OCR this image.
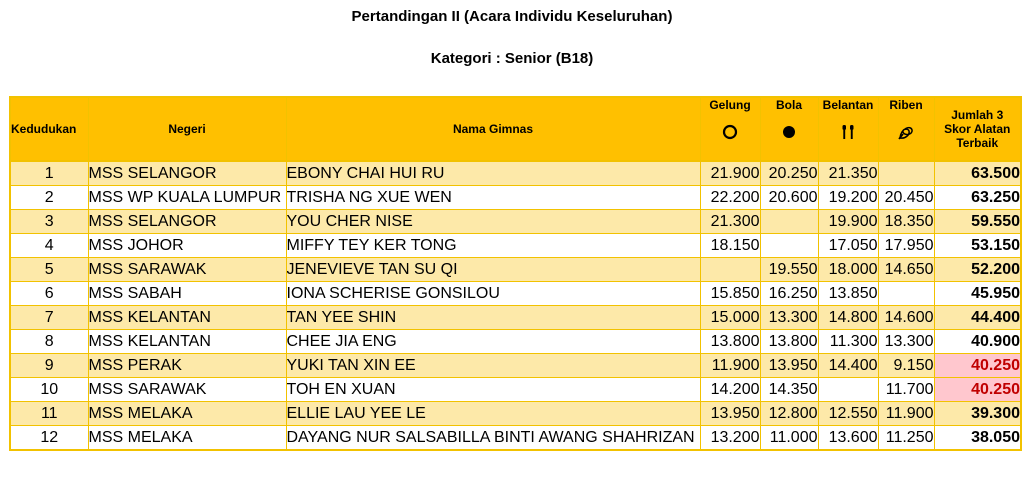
Pertandingan II (Acara Individu Keseluruhan)
Kategori : Senior (B18)
Kedudukan	Negeri	Nama Gimnas	Gelung	Bola	Belantan	Riben	Jumlah 3
Skor Alatan
Terbaik

1	MSS SELANGOR	EBONY CHAI HUI RU	21.900	20.250	21.350		63.500
2	MSS WP KUALA LUMPUR	TRISHA NG XUE WEN	22.200	20.600	19.200	20.450	63.250
3	MSS SELANGOR	YOU CHER NISE	21.300		19.900	18.350	59.550
4	MSS JOHOR	MIFFY TEY KER TONG	18.150		17.050	17.950	53.150
5	MSS SARAWAK	JENEVIEVE TAN SU QI		19.550	18.000	14.650	52.200
6	MSS SABAH	IONA SCHERISE GONSILOU	15.850	16.250	13.850		45.950
7	MSS KELANTAN	TAN YEE SHIN	15.000	13.300	14.800	14.600	44.400
8	MSS KELANTAN	CHEE JIA ENG	13.800	13.800	11.300	13.300	40.900
9	MSS PERAK	YUKI TAN XIN EE	11.900	13.950	14.400	9.150	40.250
10	MSS SARAWAK	TOH EN XUAN	14.200	14.350		11.700	40.250
11	MSS MELAKA	ELLIE LAU YEE LE	13.950	12.800	12.550	11.900	39.300
12	MSS MELAKA	DAYANG NUR SALSABILLA BINTI AWANG SHAHRIZAN	13.200	11.000	13.600	11.250	38.050
